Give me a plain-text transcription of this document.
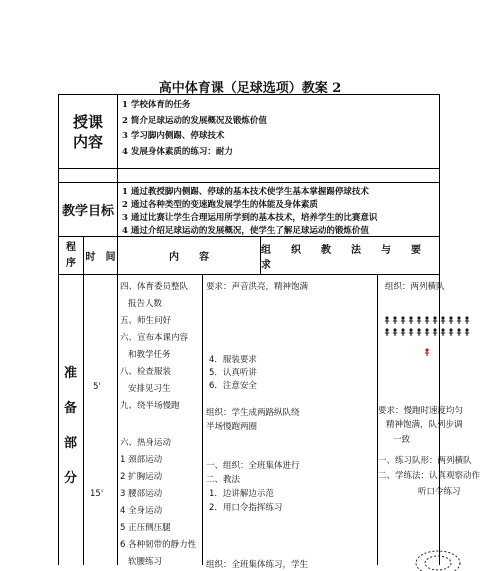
高中体育课（足球选项）教案 2
授课
内容
1 学校体育的任务
2 简介足球运动的发展概况及锻炼价值
3 学习脚内侧踢、停球技术
4 发展身体素质的练习：耐力
教学目标
1 通过教授脚内侧踢、停球的基本技术使学生基本掌握踢停球技术
2 通过各种类型的变速跑发展学生的体能及身体素质
3 通过比赛让学生合理运用所学到的基本技术，培养学生的比赛意识
4 通过介绍足球运动的发展概况，使学生了解足球运动的锻炼价值
程
序 时　间	内　　容
组　　织　　教　　法　　与　　要　　求
准
备
部
分
5'
15'
四、体育委员整队
报告人数
五、师生问好
六、宣布本课内容
和教学任务
八、检查服装
安排见习生
九、绕半场慢跑
六、热身运动
1 颈部运动
2 扩胸运动
3 腰部运动
4 全身运动
5 正压侧压腿
6 各种韧带的静力性
软腰练习
要求：声音洪亮，精神饱满
4．服装要求
5．认真听讲
6．注意安全
组织：学生成两路纵队绕
半场慢跑两圈
一、组织：全班集体进行
二、教法
1．边讲解边示范
2．用口令指挥练习
组织：全班集体练习，学生
组织：两列横队
要求：慢跑时速度均匀
精神饱满，队列步调
一致
一、练习队形：两列横队
二、学练法：认真观察动作
听口令练习
